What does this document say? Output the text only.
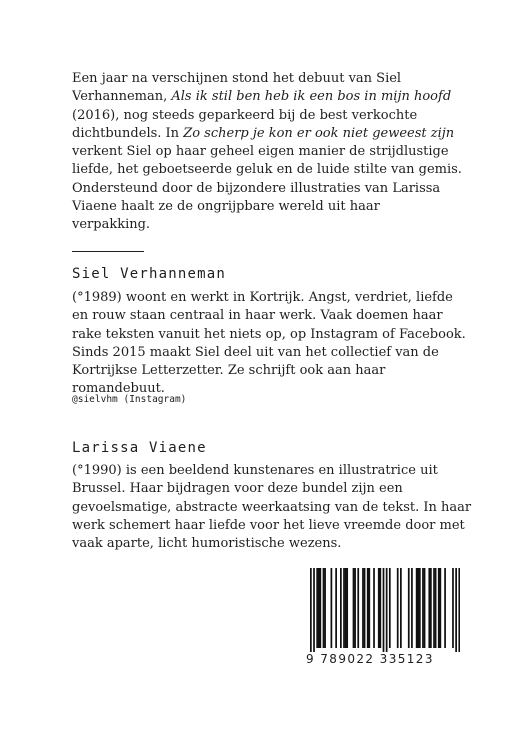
Een jaar na verschijnen stond het debuut van Siel Verhanneman, Als ik stil ben heb ik een bos in mijn hoofd (2016), nog steeds geparkeerd bij de best verkochte dichtbundels. In Zo scherp je kon er ook niet geweest zijn verkent Siel op haar geheel eigen manier de strijdlustige liefde, het geboetseerde geluk en de luide stilte van gemis. Ondersteund door de bijzondere illustraties van Larissa Viaene haalt ze de ongrijpbare wereld uit haar verpakking.

Siel Verhanneman

(°1989) woont en werkt in Kortrijk. Angst, verdriet, liefde en rouw staan centraal in haar werk. Vaak doemen haar rake teksten vanuit het niets op, op Instagram of Facebook. Sinds 2015 maakt Siel deel uit van het collectief van de Kortrijkse Letterzetter. Ze schrijft ook aan haar romandebuut.

@sielvhm (Instagram)

Larissa Viaene

(°1990) is een beeldend kunstenares en illustratrice uit Brussel. Haar bijdragen voor deze bundel zijn een gevoelsmatige, abstracte weerkaatsing van de tekst. In haar werk schemert haar liefde voor het lieve vreemde door met vaak aparte, licht humoristische wezens.

9 789022 335123
